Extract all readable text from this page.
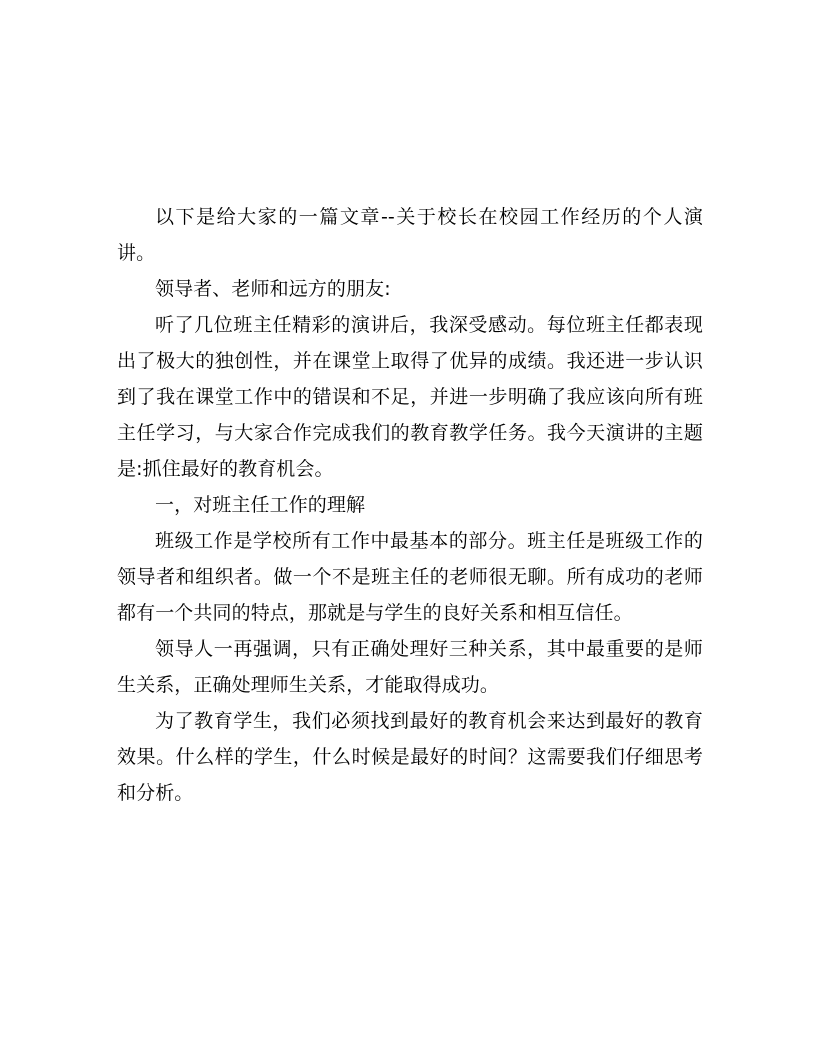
以下是给大家的一篇文章--关于校长在校园工作经历的个人演讲。

领导者、老师和远方的朋友:

听了几位班主任精彩的演讲后，我深受感动。每位班主任都表现出了极大的独创性，并在课堂上取得了优异的成绩。我还进一步认识到了我在课堂工作中的错误和不足，并进一步明确了我应该向所有班主任学习，与大家合作完成我们的教育教学任务。我今天演讲的主题是:抓住最好的教育机会。

一，对班主任工作的理解

班级工作是学校所有工作中最基本的部分。班主任是班级工作的领导者和组织者。做一个不是班主任的老师很无聊。所有成功的老师都有一个共同的特点，那就是与学生的良好关系和相互信任。

领导人一再强调，只有正确处理好三种关系，其中最重要的是师生关系，正确处理师生关系，才能取得成功。

为了教育学生，我们必须找到最好的教育机会来达到最好的教育效果。什么样的学生，什么时候是最好的时间？这需要我们仔细思考和分析。
